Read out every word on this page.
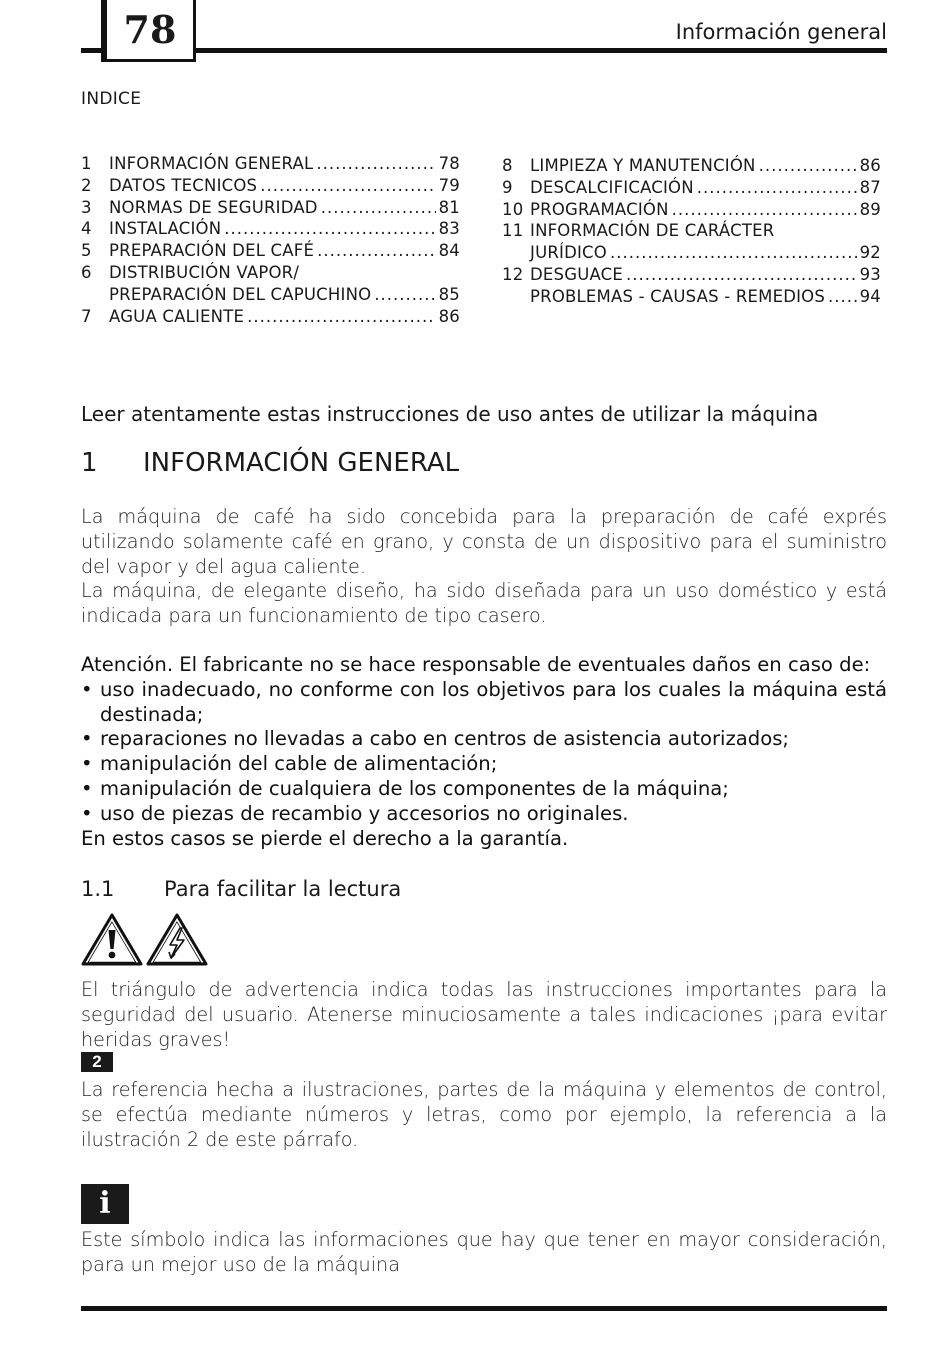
78	Información general
INDICE
1	INFORMACIÓN GENERAL .....	78
2	DATOS TECNICOS .....	79
3	NORMAS DE SEGURIDAD .....	81
4	INSTALACIÓN .....	83
5	PREPARACIÓN DEL CAFÉ .....	84
6	DISTRIBUCIÓN VAPOR/
PREPARACIÓN DEL CAPUCHINO .....	85
7	AGUA CALIENTE .....	86
8	LIMPIEZA Y MANUTENCIÓN .....	86
9	DESCALCIFICACIÓN .....	87
10 PROGRAMACIÓN .....	89
11 INFORMACIÓN DE CARÁCTER
JURÍDICO .....	92
12 DESGUACE .....	93
PROBLEMAS - CAUSAS - REMEDIOS ..... 94
Leer atentamente estas instrucciones de uso antes de utilizar la máquina
1 INFORMACIÓN GENERAL
La máquina de café ha sido concebida para la preparación de café exprés utilizando solamente café en grano, y consta de un dispositivo para el suministro del vapor y del agua caliente.
La máquina, de elegante diseño, ha sido diseñada para un uso doméstico y está indicada para un funcionamiento de tipo casero.
Atención. El fabricante no se hace responsable de eventuales daños en caso de:
• uso inadecuado, no conforme con los objetivos para los cuales la máquina está destinada;
• reparaciones no llevadas a cabo en centros de asistencia autorizados;
• manipulación del cable de alimentación;
• manipulación de cualquiera de los componentes de la máquina;
• uso de piezas de recambio y accesorios no originales.
En estos casos se pierde el derecho a la garantía.
1.1 Para facilitar la lectura
El triángulo de advertencia indica todas las instrucciones importantes para la seguridad del usuario. Atenerse minuciosamente a tales indicaciones ¡para evitar heridas graves!
2
La referencia hecha a ilustraciones, partes de la máquina y elementos de control, se efectúa mediante números y letras, como por ejemplo, la referencia a la ilustración 2 de este párrafo.
i
Este símbolo indica las informaciones que hay que tener en mayor consideración, para un mejor uso de la máquina
